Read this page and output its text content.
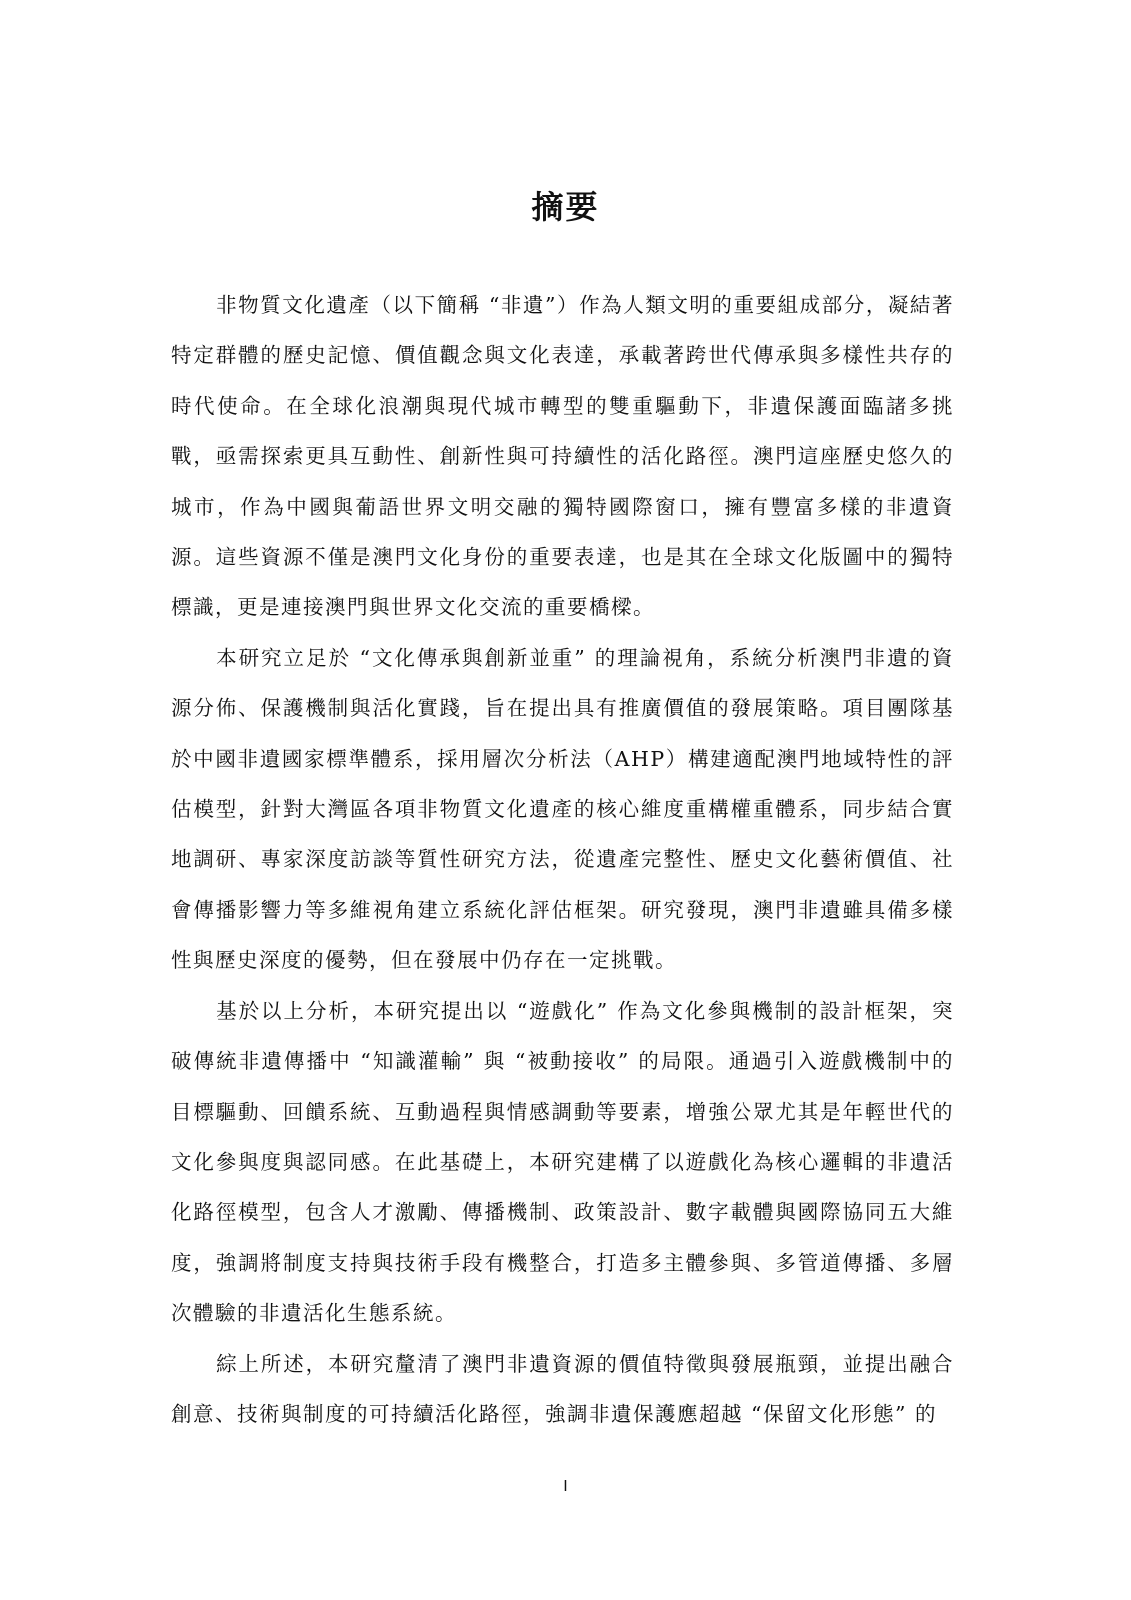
摘要

非物質文化遺產（以下簡稱 “非遺”）作為人類文明的重要組成部分，凝結著特定群體的歷史記憶、價值觀念與文化表達，承載著跨世代傳承與多樣性共存的時代使命。在全球化浪潮與現代城市轉型的雙重驅動下，非遺保護面臨諸多挑戰，亟需探索更具互動性、創新性與可持續性的活化路徑。澳門這座歷史悠久的城市，作為中國與葡語世界文明交融的獨特國際窗口，擁有豐富多樣的非遺資源。這些資源不僅是澳門文化身份的重要表達，也是其在全球文化版圖中的獨特標識，更是連接澳門與世界文化交流的重要橋樑。

本研究立足於 “文化傳承與創新並重” 的理論視角，系統分析澳門非遺的資源分佈、保護機制與活化實踐，旨在提出具有推廣價值的發展策略。項目團隊基於中國非遺國家標準體系，採用層次分析法（AHP）構建適配澳門地域特性的評估模型，針對大灣區各項非物質文化遺產的核心維度重構權重體系，同步結合實地調研、專家深度訪談等質性研究方法，從遺產完整性、歷史文化藝術價值、社會傳播影響力等多維視角建立系統化評估框架。研究發現，澳門非遺雖具備多樣性與歷史深度的優勢，但在發展中仍存在一定挑戰。

基於以上分析，本研究提出以 “遊戲化” 作為文化參與機制的設計框架，突破傳統非遺傳播中 “知識灌輸” 與 “被動接收” 的局限。通過引入遊戲機制中的目標驅動、回饋系統、互動過程與情感調動等要素，增強公眾尤其是年輕世代的文化參與度與認同感。在此基礎上，本研究建構了以遊戲化為核心邏輯的非遺活化路徑模型，包含人才激勵、傳播機制、政策設計、數字載體與國際協同五大維度，強調將制度支持與技術手段有機整合，打造多主體參與、多管道傳播、多層次體驗的非遺活化生態系統。

綜上所述，本研究釐清了澳門非遺資源的價值特徵與發展瓶頸，並提出融合創意、技術與制度的可持續活化路徑，強調非遺保護應超越 “保留文化形態” 的

I
